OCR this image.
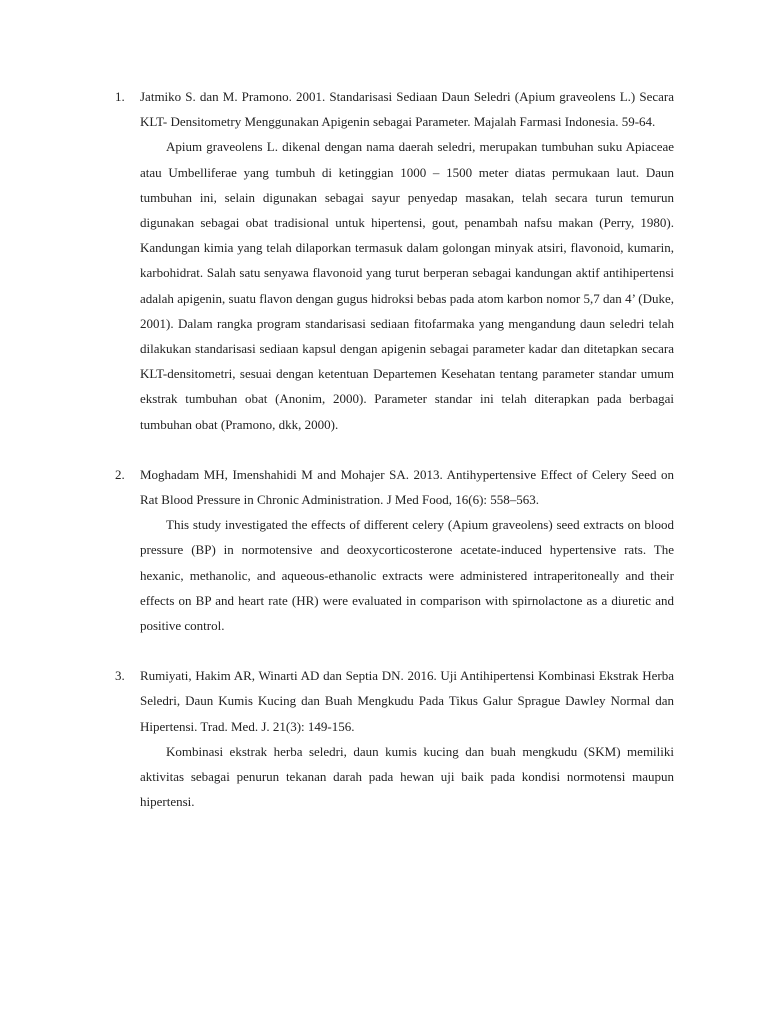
1.	Jatmiko S. dan M. Pramono. 2001. Standarisasi Sediaan Daun Seledri (Apium graveolens L.) Secara KLT- Densitometry Menggunakan Apigenin sebagai Parameter. Majalah Farmasi Indonesia. 59-64.

Apium graveolens L. dikenal dengan nama daerah seledri, merupakan tumbuhan suku Apiaceae atau Umbelliferae yang tumbuh di ketinggian 1000 – 1500 meter diatas permukaan laut. Daun tumbuhan ini, selain digunakan sebagai sayur penyedap masakan, telah secara turun temurun digunakan sebagai obat tradisional untuk hipertensi, gout, penambah nafsu makan (Perry, 1980). Kandungan kimia yang telah dilaporkan termasuk dalam golongan minyak atsiri, flavonoid, kumarin, karbohidrat. Salah satu senyawa flavonoid yang turut berperan sebagai kandungan aktif antihipertensi adalah apigenin, suatu flavon dengan gugus hidroksi bebas pada atom karbon nomor 5,7 dan 4’ (Duke, 2001). Dalam rangka program standarisasi sediaan fitofarmaka yang mengandung daun seledri telah dilakukan standarisasi sediaan kapsul dengan apigenin sebagai parameter kadar dan ditetapkan secara KLT-densitometri, sesuai dengan ketentuan Departemen Kesehatan tentang parameter standar umum ekstrak tumbuhan obat (Anonim, 2000). Parameter standar ini telah diterapkan pada berbagai tumbuhan obat (Pramono, dkk, 2000).

2.	Moghadam MH, Imenshahidi M and Mohajer SA. 2013. Antihypertensive Effect of Celery Seed on Rat Blood Pressure in Chronic Administration. J Med Food, 16(6): 558–563.

This study investigated the effects of different celery (Apium graveolens) seed extracts on blood pressure (BP) in normotensive and deoxycorticosterone acetate-induced hypertensive rats. The hexanic, methanolic, and aqueous-ethanolic extracts were administered intraperitoneally and their effects on BP and heart rate (HR) were evaluated in comparison with spirnolactone as a diuretic and positive control.

3.	Rumiyati, Hakim AR, Winarti AD dan Septia DN. 2016. Uji Antihipertensi Kombinasi Ekstrak Herba Seledri, Daun Kumis Kucing dan Buah Mengkudu Pada Tikus Galur Sprague Dawley Normal dan Hipertensi. Trad. Med. J. 21(3): 149-156.

Kombinasi ekstrak herba seledri, daun kumis kucing dan buah mengkudu (SKM) memiliki aktivitas sebagai penurun tekanan darah pada hewan uji baik pada kondisi normotensi maupun hipertensi.
